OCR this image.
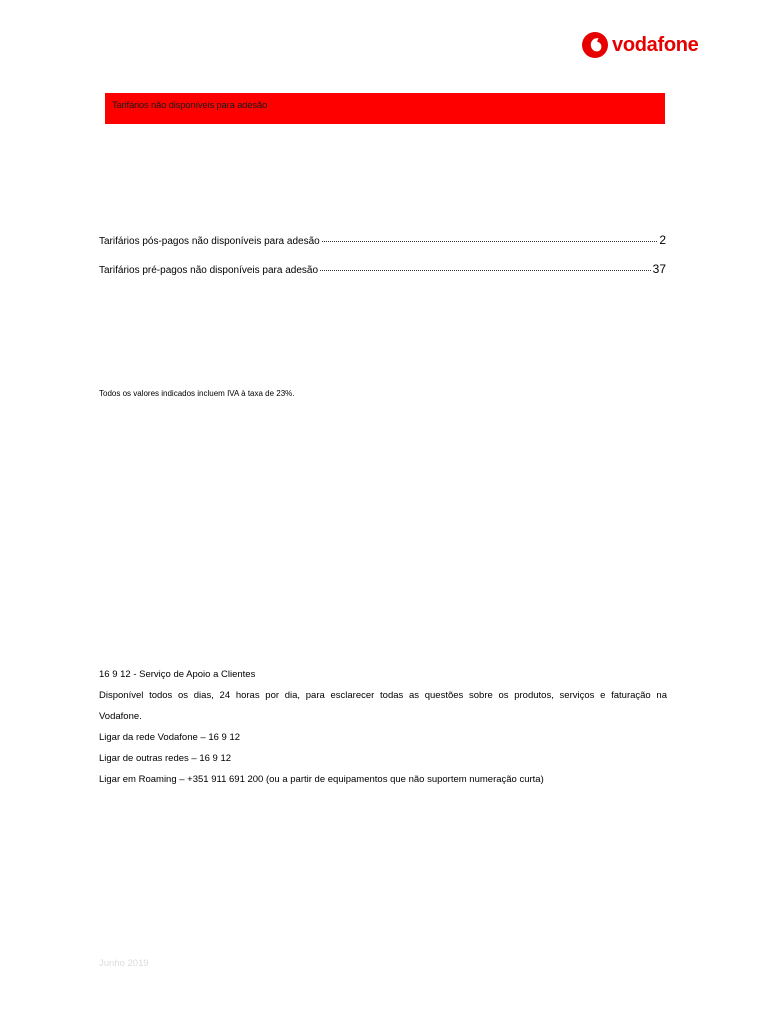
vodafone
Tarifários não disponíveis para adesão
Tarifários pós-pagos não disponíveis para adesão	2
Tarifários pré-pagos não disponíveis para adesão	37
Todos os valores indicados incluem IVA à taxa de 23%.
16 9 12 - Serviço de Apoio a Clientes
Disponível todos os dias, 24 horas por dia, para esclarecer todas as questões sobre os produtos, serviços e faturação na
Vodafone.
Ligar da rede Vodafone – 16 9 12
Ligar de outras redes – 16 9 12
Ligar em Roaming – +351 911 691 200 (ou a partir de equipamentos que não suportem numeração curta)
Junho 2019
